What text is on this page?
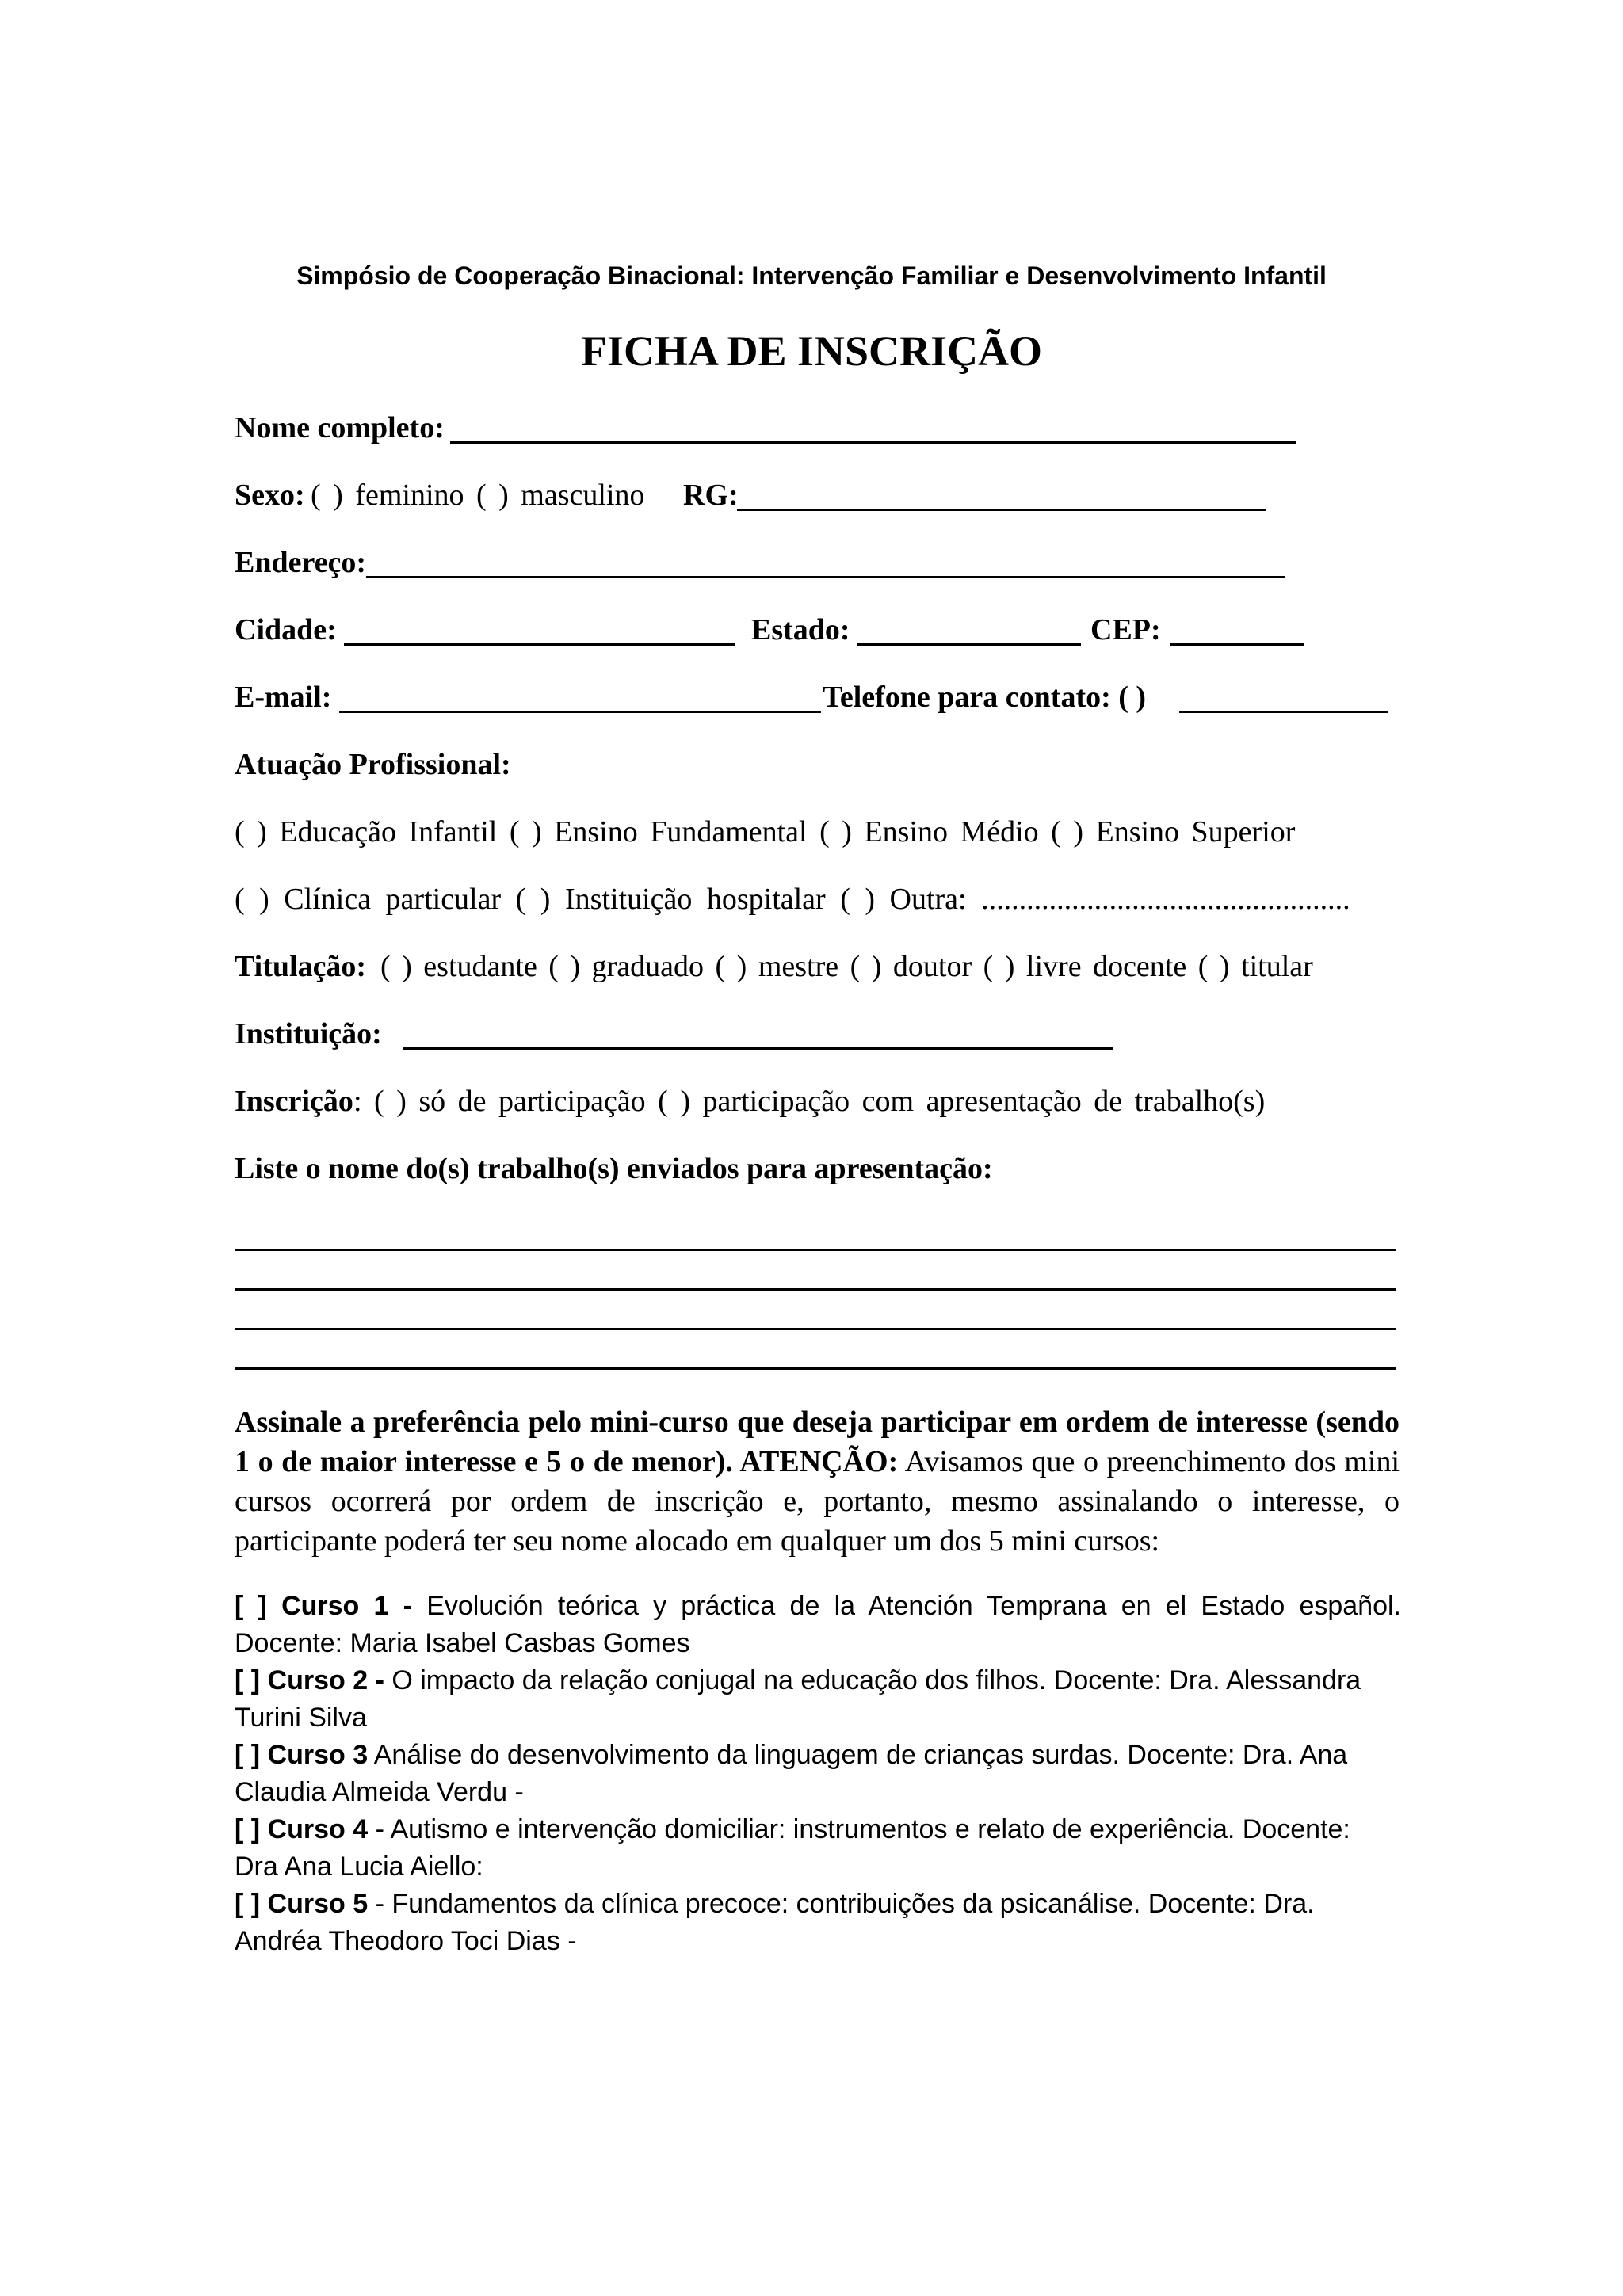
Simpósio de Cooperação Binacional: Intervenção Familiar e Desenvolvimento Infantil
FICHA DE INSCRIÇÃO
Nome completo:
Sexo: ( ) feminino ( ) masculino RG:
Endereço:
Cidade:	Estado:	CEP:
E-mail:	Telefone para contato: ( )
Atuação Profissional:
( ) Educação Infantil ( ) Ensino Fundamental ( ) Ensino Médio ( ) Ensino Superior
( ) Clínica particular ( ) Instituição hospitalar ( ) Outra: .................................................
Titulação: ( ) estudante ( ) graduado ( ) mestre ( ) doutor ( ) livre docente ( ) titular
Instituição:
Inscrição : ( ) só de participação ( ) participação com apresentação de trabalho(s)
Liste o nome do(s) trabalho(s) enviados para apresentação:
Assinale a preferência pelo mini-curso que deseja participar em ordem de interesse (sendo 1 o de maior interesse e 5 o de menor). ATENÇÃO: Avisamos que o preenchimento dos mini cursos ocorrerá por ordem de inscrição e, portanto, mesmo assinalando o interesse, o participante poderá ter seu nome alocado em qualquer um dos 5 mini cursos:

[ ] Curso 1 - Evolución teórica y práctica de la Atención Temprana en el Estado español. Docente: Maria Isabel Casbas Gomes

[ ] Curso 2 - O impacto da relação conjugal na educação dos filhos. Docente: Dra. Alessandra Turini Silva

[ ] Curso 3 Análise do desenvolvimento da linguagem de crianças surdas. Docente: Dra. Ana Claudia Almeida Verdu -

[ ] Curso 4 - Autismo e intervenção domiciliar: instrumentos e relato de experiência. Docente: Dra Ana Lucia Aiello:

[ ] Curso 5 - Fundamentos da clínica precoce: contribuições da psicanálise. Docente: Dra. Andréa Theodoro Toci Dias -
